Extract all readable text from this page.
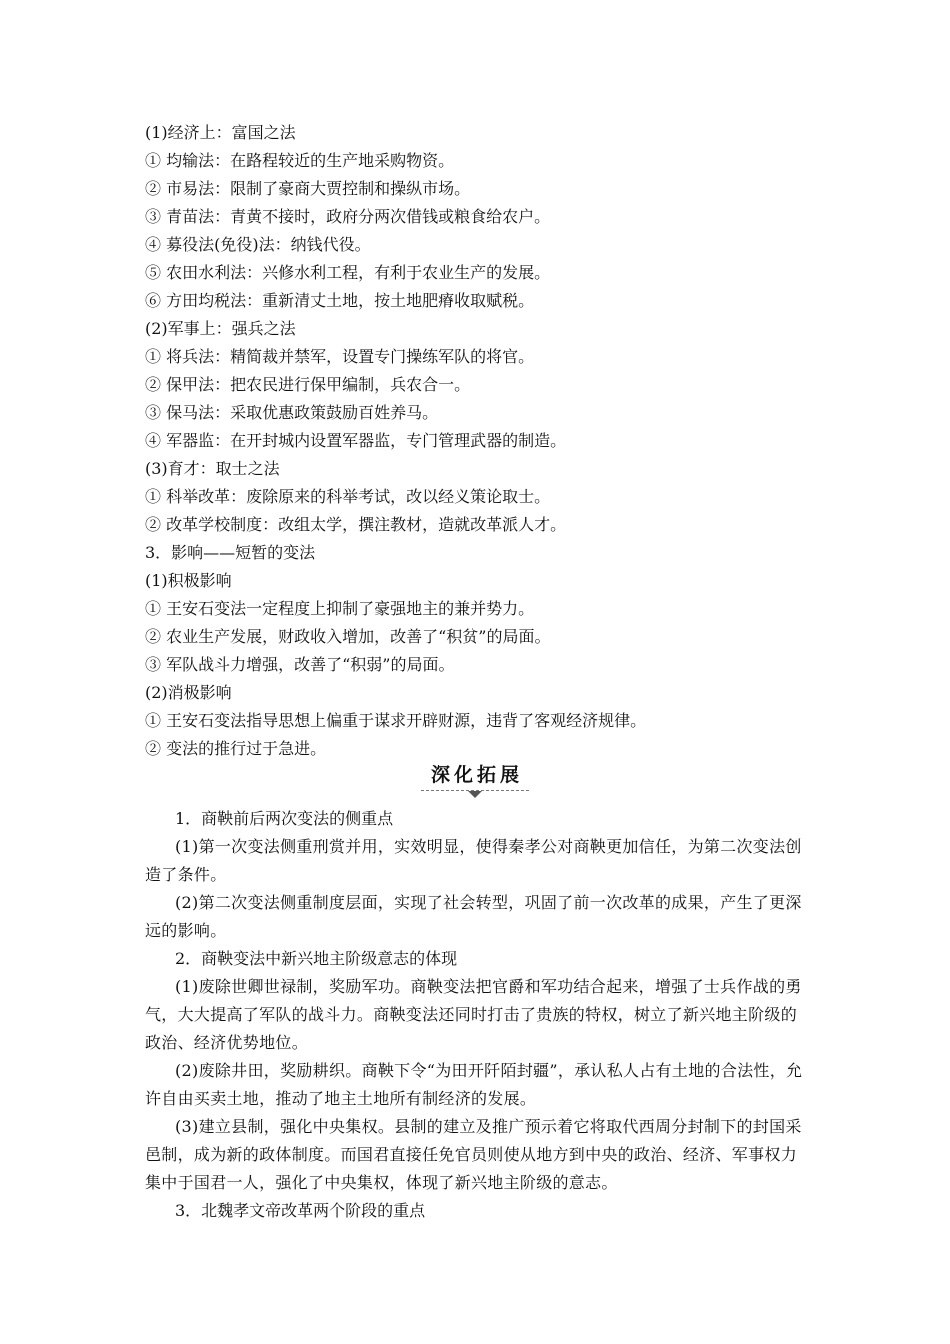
(1)经济上：富国之法
① 均输法：在路程较近的生产地采购物资。
② 市易法：限制了豪商大贾控制和操纵市场。
③ 青苗法：青黄不接时，政府分两次借钱或粮食给农户。
④ 募役法(免役)法：纳钱代役。
⑤ 农田水利法：兴修水利工程，有利于农业生产的发展。
⑥ 方田均税法：重新清丈土地，按土地肥瘠收取赋税。
(2)军事上：强兵之法
① 将兵法：精简裁并禁军，设置专门操练军队的将官。
② 保甲法：把农民进行保甲编制，兵农合一。
③ 保马法：采取优惠政策鼓励百姓养马。
④ 军器监：在开封城内设置军器监，专门管理武器的制造。
(3)育才：取士之法
① 科举改革：废除原来的科举考试，改以经义策论取士。
② 改革学校制度：改组太学，撰注教材，造就改革派人才。
3．影响——短暂的变法
(1)积极影响
① 王安石变法一定程度上抑制了豪强地主的兼并势力。
② 农业生产发展，财政收入增加，改善了“积贫”的局面。
③ 军队战斗力增强，改善了“积弱”的局面。
(2)消极影响
① 王安石变法指导思想上偏重于谋求开辟财源，违背了客观经济规律。
② 变法的推行过于急进。
深化拓展
1．商鞅前后两次变法的侧重点
(1)第一次变法侧重刑赏并用，实效明显，使得秦孝公对商鞅更加信任，为第二次变法创造了条件。
(2)第二次变法侧重制度层面，实现了社会转型，巩固了前一次改革的成果，产生了更深远的影响。
2．商鞅变法中新兴地主阶级意志的体现
(1)废除世卿世禄制，奖励军功。商鞅变法把官爵和军功结合起来，增强了士兵作战的勇气，大大提高了军队的战斗力。商鞅变法还同时打击了贵族的特权，树立了新兴地主阶级的政治、经济优势地位。
(2)废除井田，奖励耕织。商鞅下令“为田开阡陌封疆”，承认私人占有土地的合法性，允许自由买卖土地，推动了地主土地所有制经济的发展。
(3)建立县制，强化中央集权。县制的建立及推广预示着它将取代西周分封制下的封国采邑制，成为新的政体制度。而国君直接任免官员则使从地方到中央的政治、经济、军事权力集中于国君一人，强化了中央集权，体现了新兴地主阶级的意志。
3．北魏孝文帝改革两个阶段的重点
